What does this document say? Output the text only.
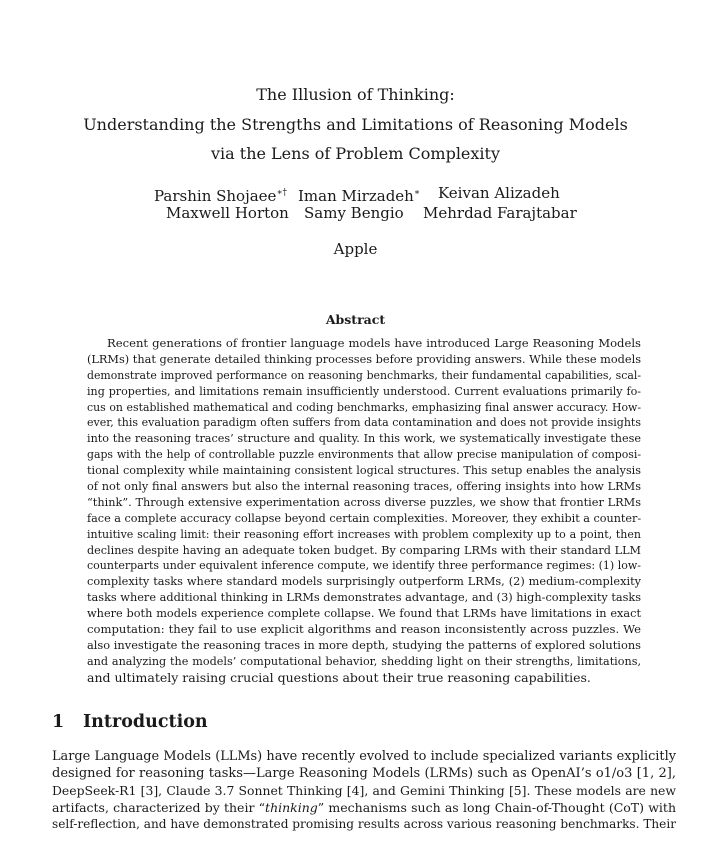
The Illusion of Thinking:
Understanding the Strengths and Limitations of Reasoning Models
via the Lens of Problem Complexity
Parshin Shojaee∗† Iman Mirzadeh∗ Keivan Alizadeh
Maxwell Horton Samy Bengio Mehrdad Farajtabar
Apple
Abstract
Recent generations of frontier language models have introduced Large Reasoning Models
(LRMs) that generate detailed thinking processes before providing answers. While these models
demonstrate improved performance on reasoning benchmarks, their fundamental capabilities, scal-
ing properties, and limitations remain insufficiently understood. Current evaluations primarily fo-
cus on established mathematical and coding benchmarks, emphasizing final answer accuracy. How-
ever, this evaluation paradigm often suffers from data contamination and does not provide insights
into the reasoning traces’ structure and quality. In this work, we systematically investigate these
gaps with the help of controllable puzzle environments that allow precise manipulation of composi-
tional complexity while maintaining consistent logical structures. This setup enables the analysis
of not only final answers but also the internal reasoning traces, offering insights into how LRMs
“think”. Through extensive experimentation across diverse puzzles, we show that frontier LRMs
face a complete accuracy collapse beyond certain complexities. Moreover, they exhibit a counter-
intuitive scaling limit: their reasoning effort increases with problem complexity up to a point, then
declines despite having an adequate token budget. By comparing LRMs with their standard LLM
counterparts under equivalent inference compute, we identify three performance regimes: (1) low-
complexity tasks where standard models surprisingly outperform LRMs, (2) medium-complexity
tasks where additional thinking in LRMs demonstrates advantage, and (3) high-complexity tasks
where both models experience complete collapse. We found that LRMs have limitations in exact
computation: they fail to use explicit algorithms and reason inconsistently across puzzles. We
also investigate the reasoning traces in more depth, studying the patterns of explored solutions
and analyzing the models’ computational behavior, shedding light on their strengths, limitations,
and ultimately raising crucial questions about their true reasoning capabilities.
1 Introduction
Large Language Models (LLMs) have recently evolved to include specialized variants explicitly
designed for reasoning tasks—Large Reasoning Models (LRMs) such as OpenAI’s o1/o3 [1, 2],
DeepSeek-R1 [3], Claude 3.7 Sonnet Thinking [4], and Gemini Thinking [5]. These models are new
artifacts, characterized by their “thinking” mechanisms such as long Chain-of-Thought (CoT) with
self-reflection, and have demonstrated promising results across various reasoning benchmarks. Their
